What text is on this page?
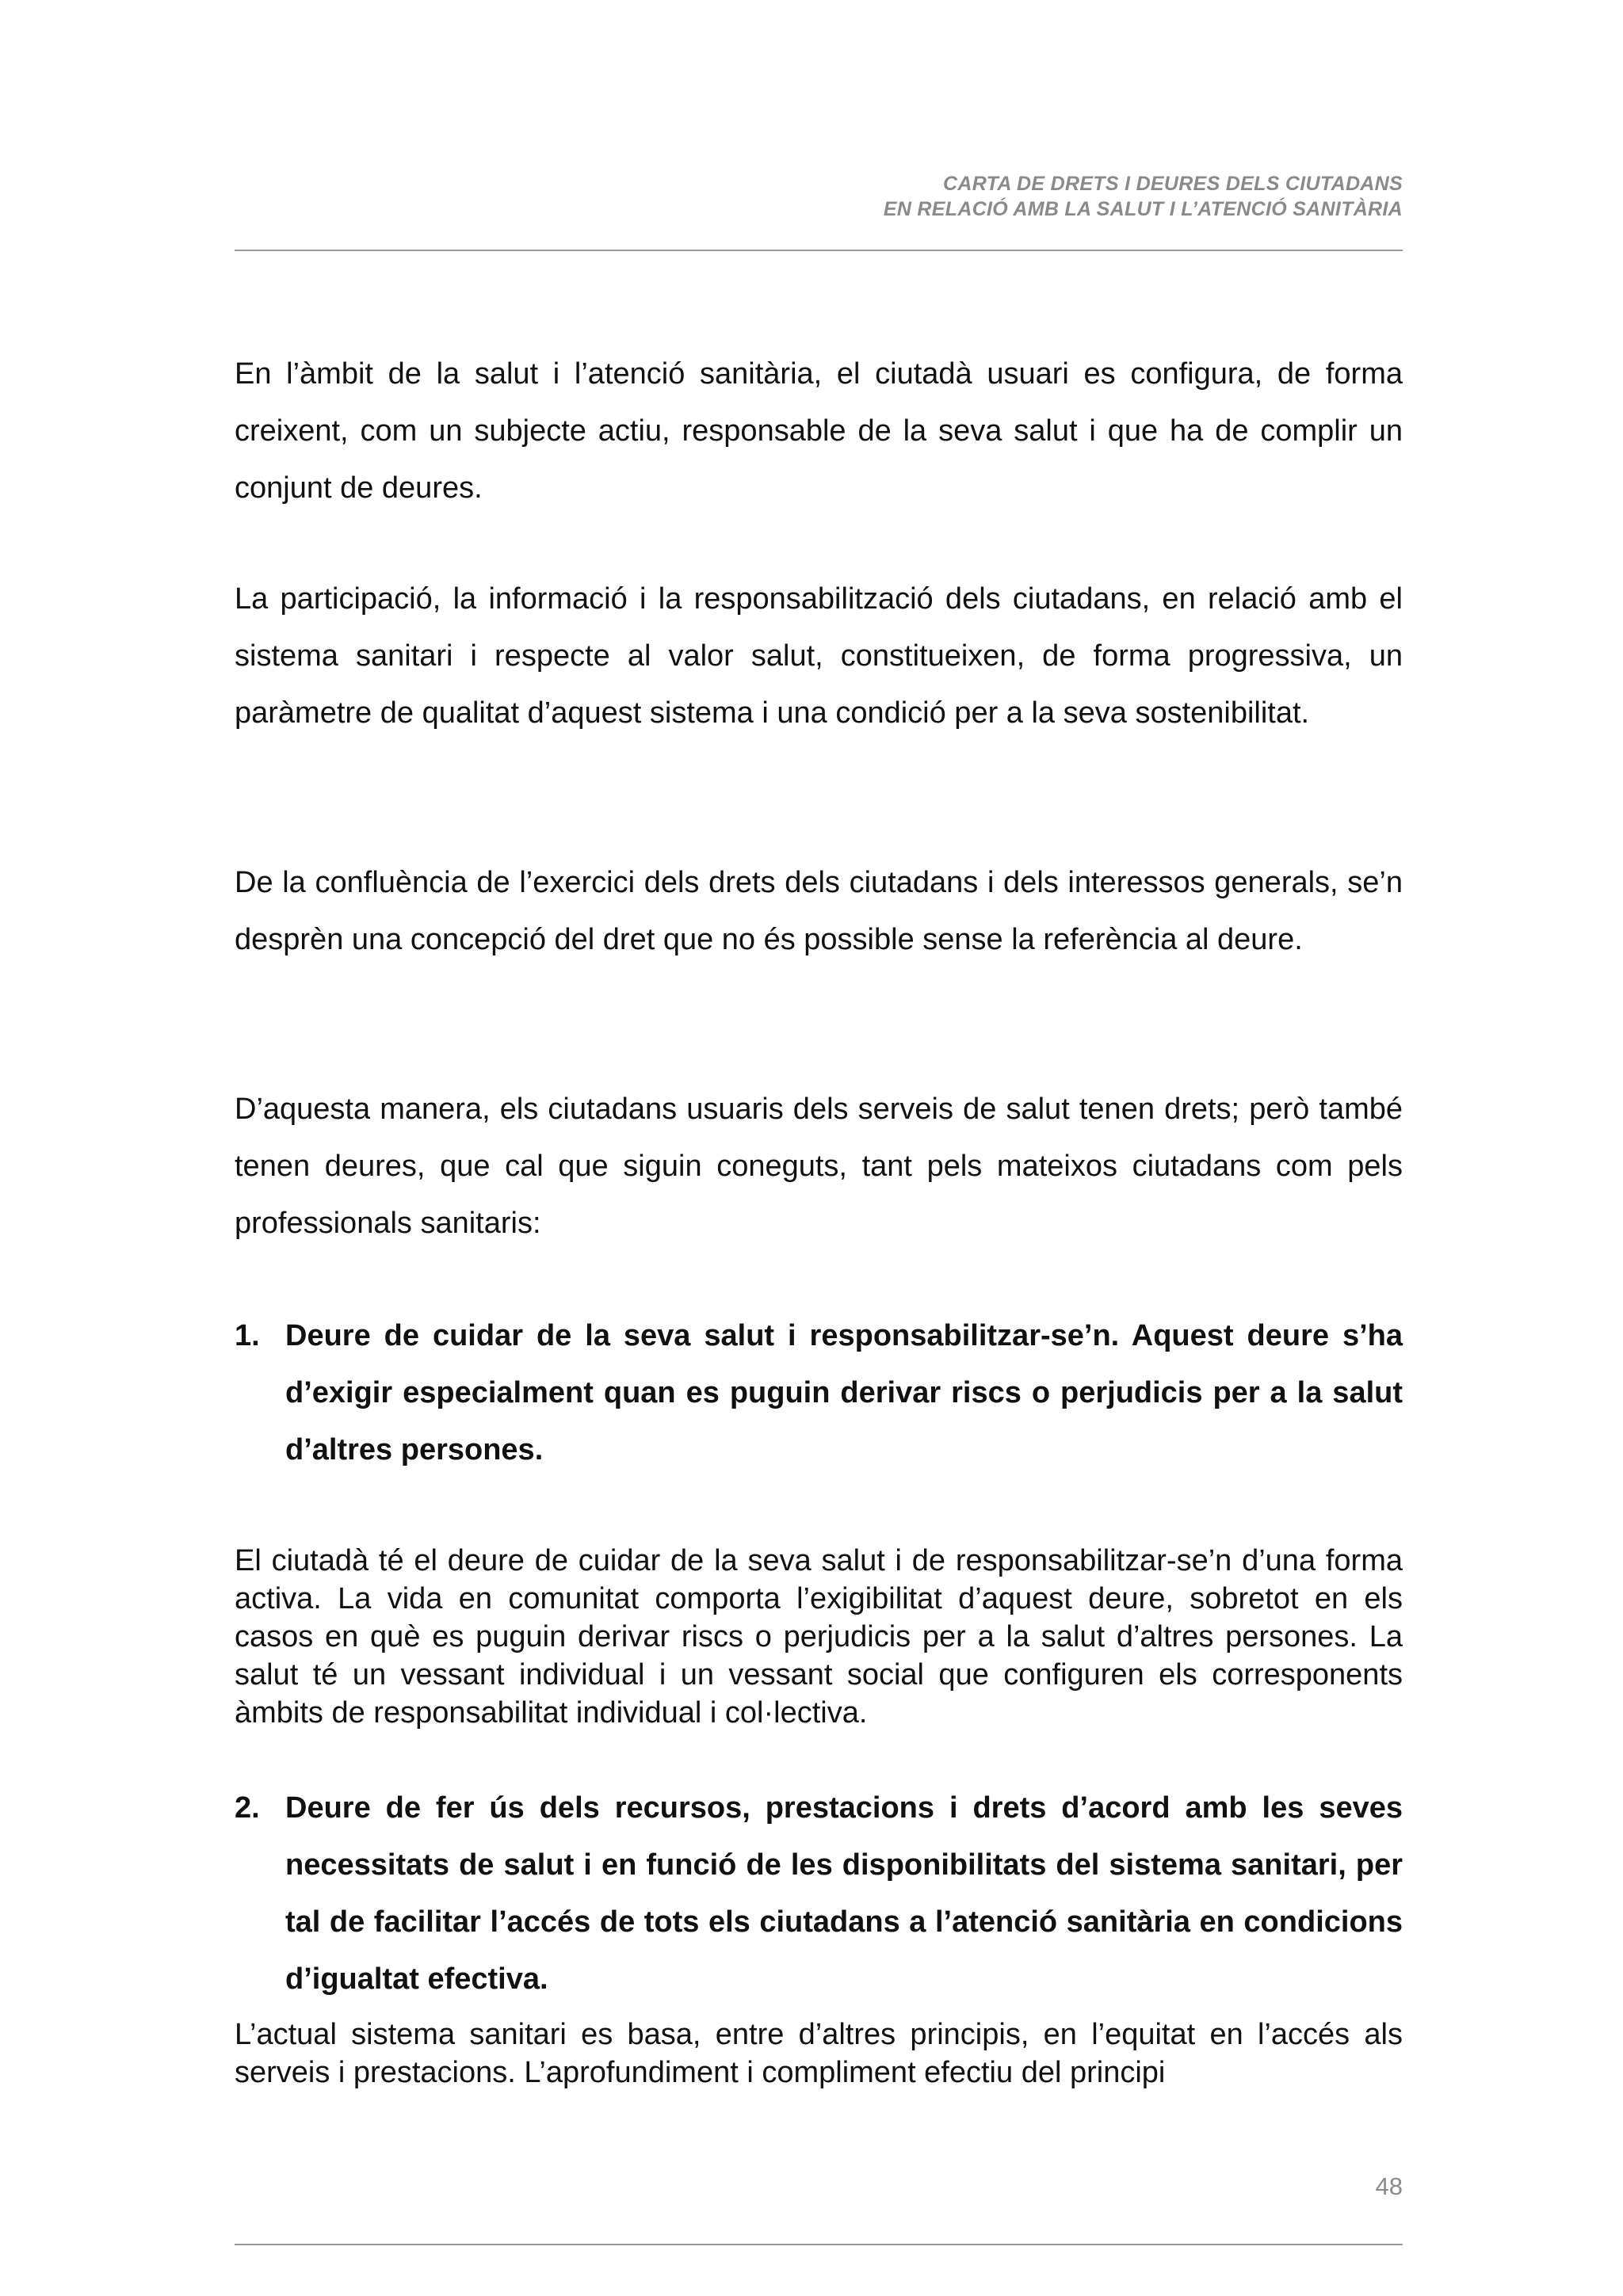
CARTA DE DRETS I DEURES DELS CIUTADANS
EN RELACIÓ AMB LA SALUT I L’ATENCIÓ SANITÀRIA
En l’àmbit de la salut i l’atenció sanitària, el ciutadà usuari es configura, de forma creixent, com un subjecte actiu, responsable de la seva salut i que ha de complir un conjunt de deures.
La participació, la informació i la responsabilització dels ciutadans, en relació amb el sistema sanitari i respecte al valor salut, constitueixen, de forma progressiva, un paràmetre de qualitat d’aquest sistema i una condició per a la seva sostenibilitat.
De la confluència de l’exercici dels drets dels ciutadans i dels interessos generals, se’n desprèn una concepció del dret que no és possible sense la referència al deure.
D’aquesta manera, els ciutadans usuaris dels serveis de salut tenen drets; però també tenen deures, que cal que siguin coneguts, tant pels mateixos ciutadans com pels professionals sanitaris:
1. Deure de cuidar de la seva salut i responsabilitzar-se’n. Aquest deure s’ha d’exigir especialment quan es puguin derivar riscs o perjudicis per a la salut d’altres persones.
El ciutadà té el deure de cuidar de la seva salut i de responsabilitzar-se’n d’una forma activa. La vida en comunitat comporta l’exigibilitat d’aquest deure, sobretot en els casos en què es puguin derivar riscs o perjudicis per a la salut d’altres persones. La salut té un vessant individual i un vessant social que configuren els corresponents àmbits de responsabilitat individual i col·lectiva.
2. Deure de fer ús dels recursos, prestacions i drets d’acord amb les seves necessitats de salut i en funció de les disponibilitats del sistema sanitari, per tal de facilitar l’accés de tots els ciutadans a l’atenció sanitària en condicions d’igualtat efectiva.
L’actual sistema sanitari es basa, entre d’altres principis, en l’equitat en l’accés als serveis i prestacions. L’aprofundiment i compliment efectiu del principi
48
